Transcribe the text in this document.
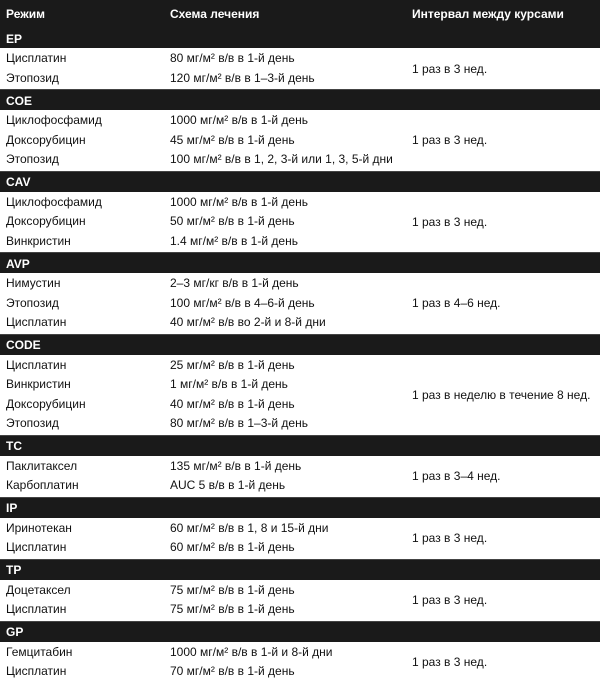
Режим	Схема лечения	Интервал между курсами
EP
Цисплатин
Этопозид
80 мг/м² в/в в 1-й день
120 мг/м² в/в в 1–3-й день
1 раз в 3 нед.
COE
Циклофосфамид
Доксорубицин
Этопозид
1000 мг/м² в/в в 1-й день
45 мг/м² в/в в 1-й день
100 мг/м² в/в в 1, 2, 3-й или 1, 3, 5-й дни
1 раз в 3 нед.
CAV
Циклофосфамид
Доксорубицин
Винкристин
1000 мг/м² в/в в 1-й день
50 мг/м² в/в в 1-й день
1.4 мг/м² в/в в 1-й день
1 раз в 3 нед.
AVP
Нимустин
Этопозид
Цисплатин
2–3 мг/кг в/в в 1-й день
100 мг/м² в/в в 4–6-й день
40 мг/м² в/в во 2-й и 8-й дни
1 раз в 4–6 нед.
CODE
Цисплатин
Винкристин
Доксорубицин
Этопозид
25 мг/м² в/в в 1-й день
1 мг/м² в/в в 1-й день
40 мг/м² в/в в 1-й день
80 мг/м² в/в в 1–3-й день
1 раз в неделю в течение 8 нед.
TC
Паклитаксел
Карбоплатин
135 мг/м² в/в в 1-й день
AUC 5 в/в в 1-й день
1 раз в 3–4 нед.
IP
Иринотекан
Цисплатин
60 мг/м² в/в в 1, 8 и 15-й дни
60 мг/м² в/в в 1-й день
1 раз в 3 нед.
TP
Доцетаксел
Цисплатин
75 мг/м² в/в в 1-й день
75 мг/м² в/в в 1-й день
1 раз в 3 нед.
GP
Гемцитабин
Цисплатин
1000 мг/м² в/в в 1-й и 8-й дни
70 мг/м² в/в в 1-й день
1 раз в 3 нед.
